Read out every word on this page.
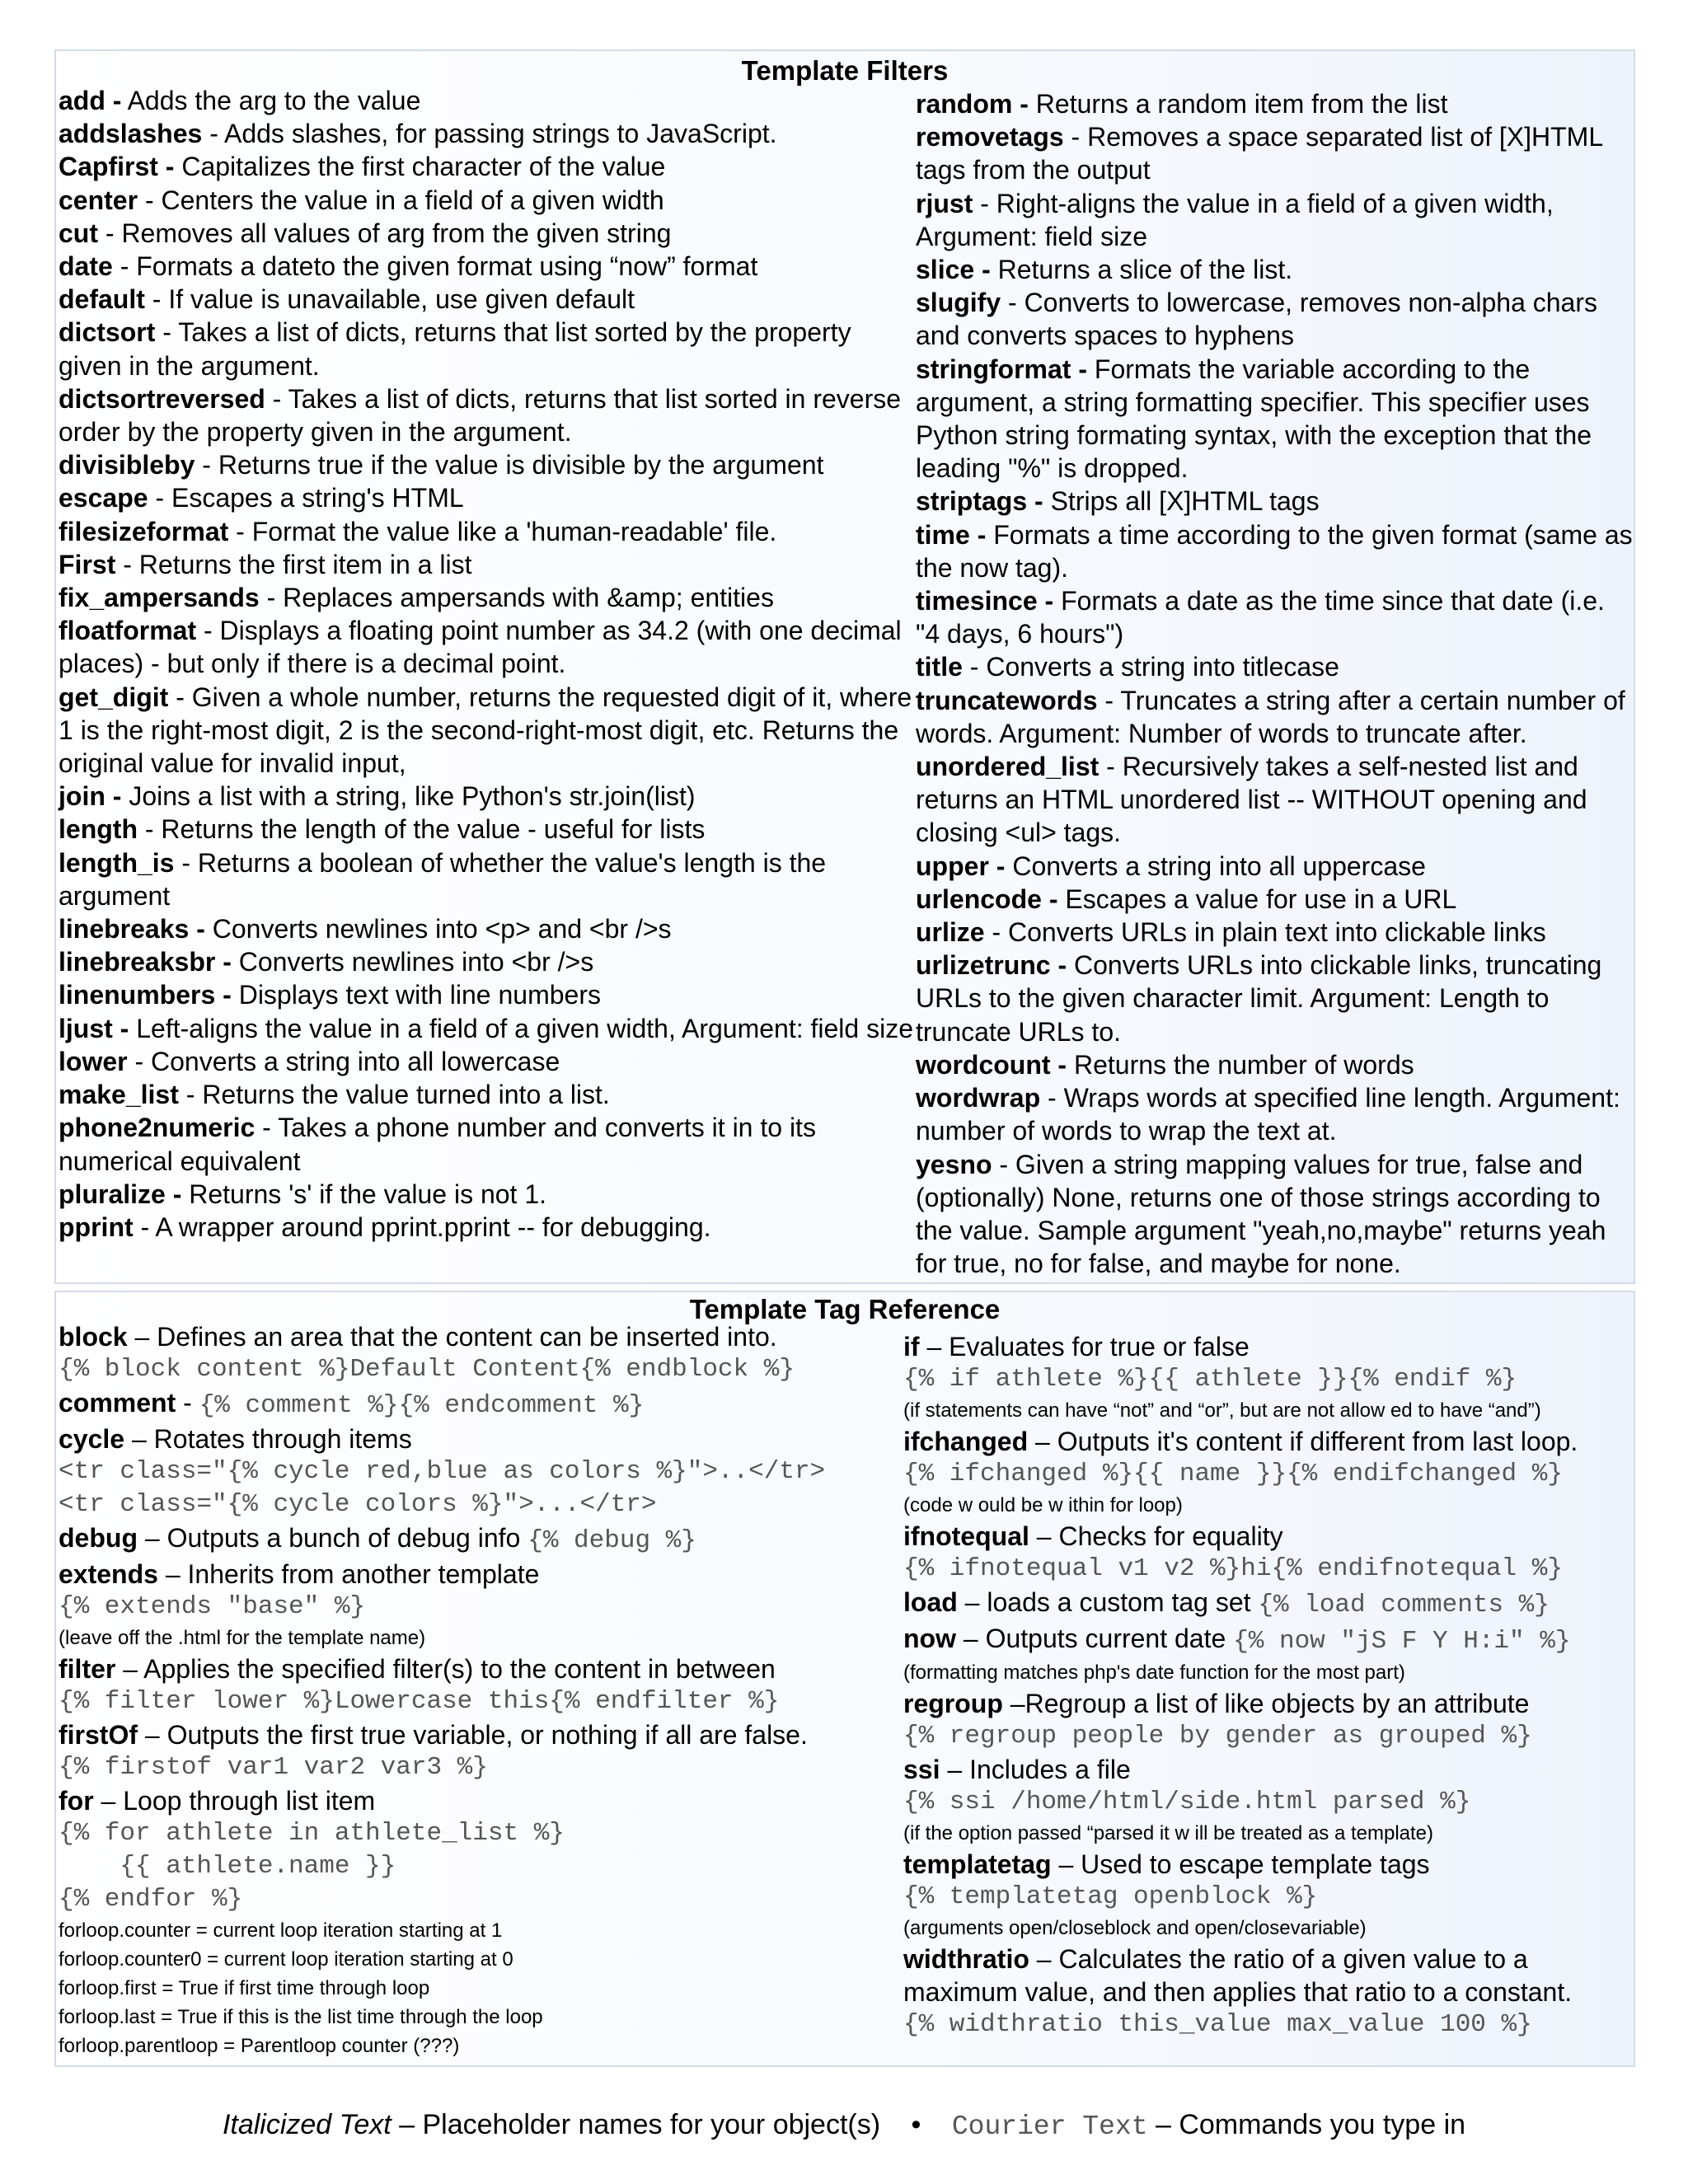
Template Filters

add - Adds the arg to the value

addslashes - Adds slashes, for passing strings to JavaScript.

Capfirst - Capitalizes the first character of the value

center - Centers the value in a field of a given width

cut - Removes all values of arg from the given string

date - Formats a dateto the given format using “now” format

default - If value is unavailable, use given default

dictsort - Takes a list of dicts, returns that list sorted by the property given in the argument.

dictsortreversed - Takes a list of dicts, returns that list sorted in reverse order by the property given in the argument.

divisibleby - Returns true if the value is divisible by the argument

escape - Escapes a string's HTML

filesizeformat - Format the value like a 'human-readable' file.

First - Returns the first item in a list

fix_ampersands - Replaces ampersands with &amp; entities

floatformat - Displays a floating point number as 34.2 (with one decimal places) - but only if there is a decimal point.

get_digit - Given a whole number, returns the requested digit of it, where 1 is the right-most digit, 2 is the second-right-most digit, etc. Returns the original value for invalid input,

join - Joins a list with a string, like Python's str.join(list)

length - Returns the length of the value - useful for lists

length_is - Returns a boolean of whether the value's length is the argument

linebreaks - Converts newlines into <p> and <br />s

linebreaksbr - Converts newlines into <br />s

linenumbers - Displays text with line numbers

ljust - Left-aligns the value in a field of a given width, Argument: field size

lower - Converts a string into all lowercase

make_list - Returns the value turned into a list.

phone2numeric - Takes a phone number and converts it in to its numerical equivalent

pluralize - Returns 's' if the value is not 1.

pprint - A wrapper around pprint.pprint -- for debugging.

random - Returns a random item from the list

removetags - Removes a space separated list of [X]HTML tags from the output

rjust - Right-aligns the value in a field of a given width, Argument: field size

slice - Returns a slice of the list.

slugify - Converts to lowercase, removes non-alpha chars and converts spaces to hyphens

stringformat - Formats the variable according to the argument, a string formatting specifier. This specifier uses Python string formating syntax, with the exception that the leading "%" is dropped.

striptags - Strips all [X]HTML tags

time - Formats a time according to the given format (same as the now tag).

timesince - Formats a date as the time since that date (i.e. "4 days, 6 hours")

title - Converts a string into titlecase

truncatewords - Truncates a string after a certain number of words. Argument: Number of words to truncate after.

unordered_list - Recursively takes a self-nested list and returns an HTML unordered list -- WITHOUT opening and closing <ul> tags.

upper - Converts a string into all uppercase

urlencode - Escapes a value for use in a URL

urlize - Converts URLs in plain text into clickable links

urlizetrunc - Converts URLs into clickable links, truncating URLs to the given character limit. Argument: Length to truncate URLs to.

wordcount - Returns the number of words

wordwrap - Wraps words at specified line length. Argument: number of words to wrap the text at.

yesno - Given a string mapping values for true, false and (optionally) None, returns one of those strings according to the value. Sample argument "yeah,no,maybe" returns yeah for true, no for false, and maybe for none.

Template Tag Reference

block – Defines an area that the content can be inserted into.

{% block content %}Default Content{% endblock %}

comment - {% comment %}{% endcomment %}

cycle – Rotates through items

<tr class="{% cycle red,blue as colors %}">..</tr>

<tr class="{% cycle colors %}">...</tr>

debug – Outputs a bunch of debug info {% debug %}

extends – Inherits from another template

{% extends "base" %}

(leave off the .html for the template name)

filter – Applies the specified filter(s) to the content in between

{% filter lower %}Lowercase this{% endfilter %}

firstOf – Outputs the first true variable, or nothing if all are false.

{% firstof var1 var2 var3 %}

for – Loop through list item

{% for athlete in athlete_list %}

{{ athlete.name }}

{% endfor %}

forloop.counter = current loop iteration starting at 1

forloop.counter0 = current loop iteration starting at 0

forloop.first = True if first time through loop

forloop.last = True if this is the list time through the loop

forloop.parentloop = Parentloop counter (???)

if – Evaluates for true or false

{% if athlete %}{{ athlete }}{% endif %}

(if statements can have “not” and “or”, but are not allow ed to have “and”)

ifchanged – Outputs it's content if different from last loop.

{% ifchanged %}{{ name }}{% endifchanged %}

(code w ould be w ithin for loop)

ifnotequal – Checks for equality

{% ifnotequal v1 v2 %}hi{% endifnotequal %}

load – loads a custom tag set {% load comments %}

now – Outputs current date {% now "jS F Y H:i" %}

(formatting matches php's date function for the most part)

regroup –Regroup a list of like objects by an attribute

{% regroup people by gender as grouped %}

ssi – Includes a file

{% ssi /home/html/side.html parsed %}

(if the option passed “parsed it w ill be treated as a template)

templatetag – Used to escape template tags

{% templatetag openblock %}

(arguments open/closeblock and open/closevariable)

widthratio – Calculates the ratio of a given value to a maximum value, and then applies that ratio to a constant.

{% widthratio this_value max_value 100 %}

Italicized Text – Placeholder names for your object(s) • Courier Text – Commands you type in
